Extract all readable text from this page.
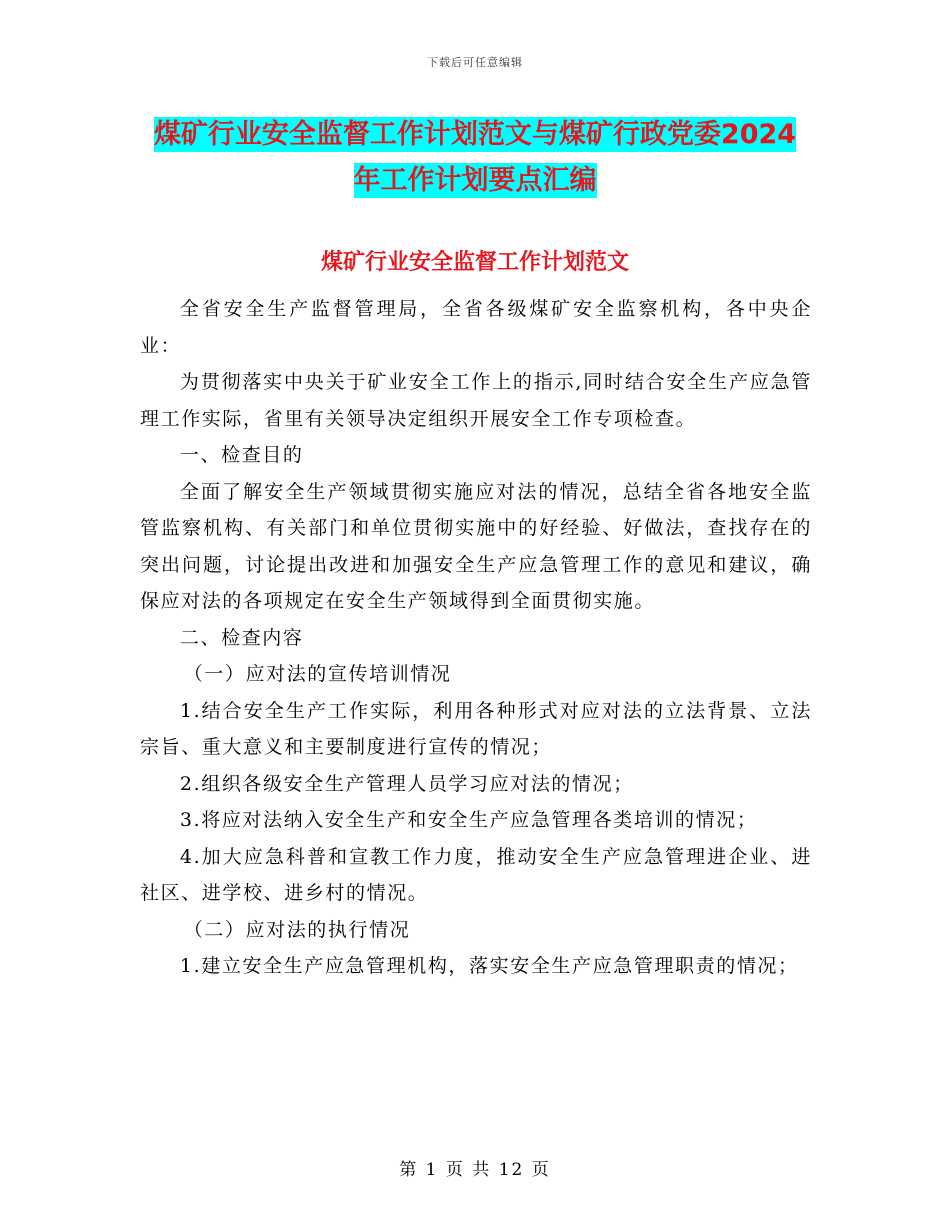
下载后可任意编辑
煤矿行业安全监督工作计划范文与煤矿行政党委2024
年工作计划要点汇编
煤矿行业安全监督工作计划范文

全省安全生产监督管理局，全省各级煤矿安全监察机构，各中央企业：

为贯彻落实中央关于矿业安全工作上的指示,同时结合安全生产应急管理工作实际，省里有关领导决定组织开展安全工作专项检查。

一、检查目的

全面了解安全生产领域贯彻实施应对法的情况，总结全省各地安全监管监察机构、有关部门和单位贯彻实施中的好经验、好做法，查找存在的突出问题，讨论提出改进和加强安全生产应急管理工作的意见和建议，确保应对法的各项规定在安全生产领域得到全面贯彻实施。

二、检查内容

（一）应对法的宣传培训情况

1.结合安全生产工作实际，利用各种形式对应对法的立法背景、立法宗旨、重大意义和主要制度进行宣传的情况；

2.组织各级安全生产管理人员学习应对法的情况；

3.将应对法纳入安全生产和安全生产应急管理各类培训的情况；

4.加大应急科普和宣教工作力度，推动安全生产应急管理进企业、进社区、进学校、进乡村的情况。

（二）应对法的执行情况

1.建立安全生产应急管理机构，落实安全生产应急管理职责的情况；

第 1 页 共 12 页
